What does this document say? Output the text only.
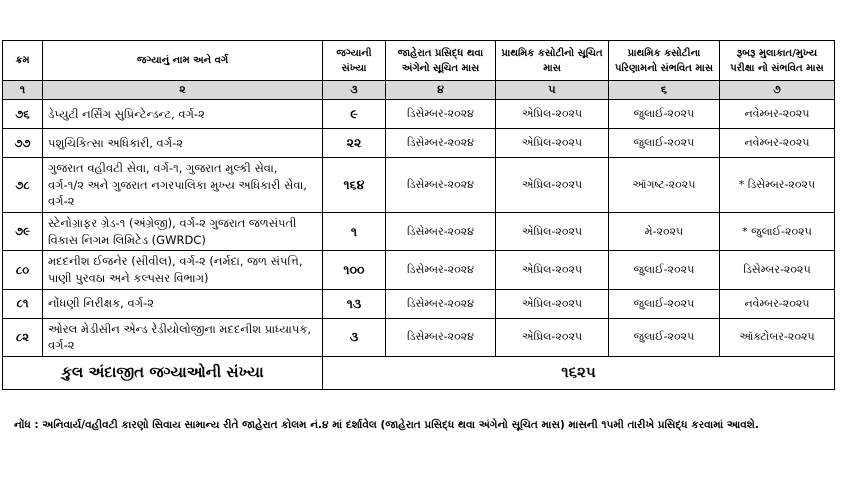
ક્રમ	જગ્યાનું નામ અને વર્ગ	જગ્યાની સંખ્યા	જાહેરાત પ્રસિદ્ધ થવા અંગેનો સૂચિત માસ	પ્રાથમિક કસોટીનો સૂચિત માસ	પ્રાથમિક કસોટીના પરિણામનો સંભવિત માસ	રૂબરૂ મુલાકાત/મુખ્ય પરીક્ષા નો સંભવિત માસ
૧	૨	૩	૪	૫	૬	૭
૭૬	ડેપ્યુટી નર્સિંગ સુપ્રિન્ટેન્ડન્ટ, વર્ગ-૨	૯	ડિસેમ્બર-૨૦૨૪	એપ્રિલ-૨૦૨૫	જુલાઈ-૨૦૨૫	નવેમ્બર-૨૦૨૫
૭૭	પશુચિકિત્સા અધિકારી, વર્ગ-૨	૨૨	ડિસેમ્બર-૨૦૨૪	એપ્રિલ-૨૦૨૫	જુલાઈ-૨૦૨૫	નવેમ્બર-૨૦૨૫
૭૮	ગુજરાત વહીવટી સેવા, વર્ગ-૧, ગુજરાત મુલ્કી સેવા, વર્ગ-૧/૨ અને ગુજરાત નગરપાલિકા મુખ્ય અધિકારી સેવા, વર્ગ-૨	૧૬૪	ડિસેમ્બર-૨૦૨૪	એપ્રિલ-૨૦૨૫	ઑગષ્ટ-૨૦૨૫	* ડિસેમ્બર-૨૦૨૫
૭૯	સ્ટેનોગ્રાફર ગ્રેડ-૧ (અંગ્રેજી), વર્ગ-૨ ગુજરાત જળસંપતી વિકાસ નિગમ લિમિટેડ (GWRDC)	૧	ડિસેમ્બર-૨૦૨૪	એપ્રિલ-૨૦૨૫	મે-૨૦૨૫	* જુલાઈ-૨૦૨૫
૮૦	મદદનીશ ઈજનેર (સીવીલ), વર્ગ-૨ (નર્મદા, જળ સંપત્તિ, પાણી પુરવઠા અને કલ્પસર વિભાગ)	૧૦૦	ડિસેમ્બર-૨૦૨૪	એપ્રિલ-૨૦૨૫	જુલાઈ-૨૦૨૫	ડિસેમ્બર-૨૦૨૫
૮૧	નોંધણી નિરીક્ષક, વર્ગ-૨	૧૩	ડિસેમ્બર-૨૦૨૪	એપ્રિલ-૨૦૨૫	જુલાઈ-૨૦૨૫	નવેમ્બર-૨૦૨૫
૮૨	ઓરલ મેડીસીન એન્ડ રેડીયોલોજીના મદદનીશ પ્રાધ્યાપક, વર્ગ-૨	૩	ડિસેમ્બર-૨૦૨૪	એપ્રિલ-૨૦૨૫	જુલાઈ-૨૦૨૫	ઑક્ટોબર-૨૦૨૫
કુલ અંદાજીત જગ્યાઓની સંખ્યા		૧૬૨૫				
નોંધ : અનિવાર્ય/વહીવટી કારણો સિવાય સામાન્ય રીતે જાહેરાત કોલમ નં.૪ માં દર્શાવેલ (જાહેરાત પ્રસિદ્ધ થવા અંગેનો સૂચિત માસ) માસની ૧૫મી તારીખે પ્રસિદ્ધ કરવામાં આવશે.
